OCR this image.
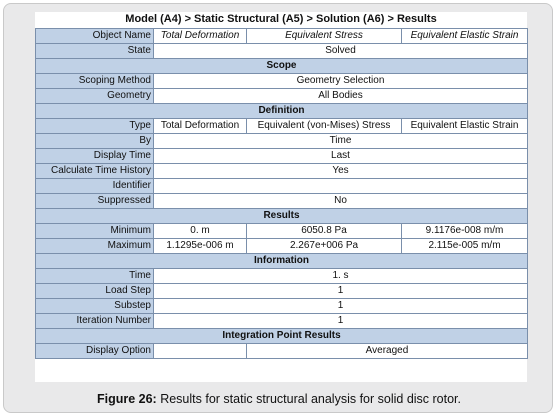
Model (A4) > Static Structural (A5) > Solution (A6) > Results
Object Name	Total Deformation	Equivalent Stress	Equivalent Elastic Strain
State	Solved		
Scope			
Scoping Method	Geometry Selection		
Geometry	All Bodies		
Definition			
Type	Total Deformation	Equivalent (von-Mises) Stress	Equivalent Elastic Strain
By	Time		
Display Time	Last		
Calculate Time History	Yes		
Identifier			
Suppressed	No		
Results			
Minimum	0. m	6050.8 Pa	9.1176e-008 m/m
Maximum	1.1295e-006 m	2.267e+006 Pa	2.115e-005 m/m
Information			
Time	1. s		
Load Step	1		
Substep	1		
Iteration Number	1		
Integration Point Results			
Display Option		Averaged	
Figure 26: Results for static structural analysis for solid disc rotor.
